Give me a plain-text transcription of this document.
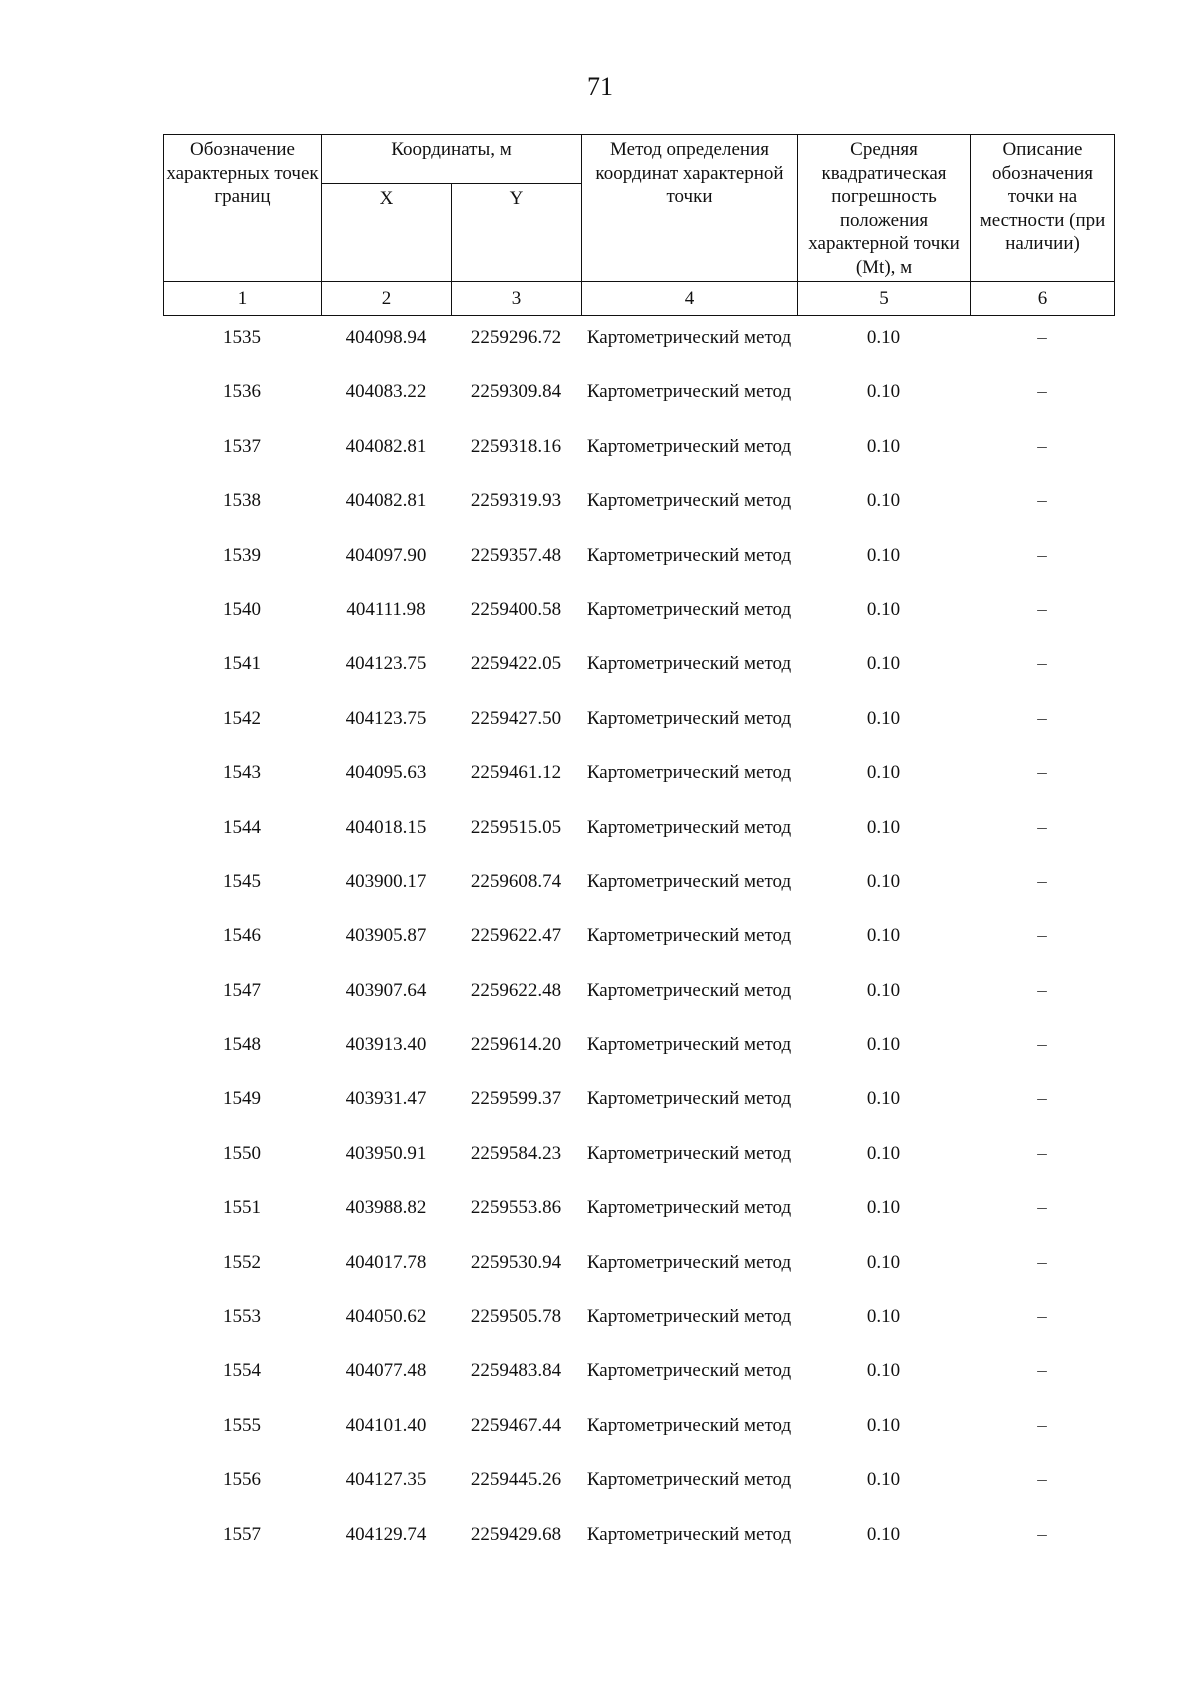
71
Обозначение характерных точек границ	Координаты, м		Метод определения координат характерной точки	Средняя квадратическая погрешность положения характерной точки (Mt), м	Описание обозначения точки на местности (при наличии)
	X	Y			
1	2	3	4	5	6
1535	404098.94	2259296.72	Картометрический метод	0.10	–
1536	404083.22	2259309.84	Картометрический метод	0.10	–
1537	404082.81	2259318.16	Картометрический метод	0.10	–
1538	404082.81	2259319.93	Картометрический метод	0.10	–
1539	404097.90	2259357.48	Картометрический метод	0.10	–
1540	404111.98	2259400.58	Картометрический метод	0.10	–
1541	404123.75	2259422.05	Картометрический метод	0.10	–
1542	404123.75	2259427.50	Картометрический метод	0.10	–
1543	404095.63	2259461.12	Картометрический метод	0.10	–
1544	404018.15	2259515.05	Картометрический метод	0.10	–
1545	403900.17	2259608.74	Картометрический метод	0.10	–
1546	403905.87	2259622.47	Картометрический метод	0.10	–
1547	403907.64	2259622.48	Картометрический метод	0.10	–
1548	403913.40	2259614.20	Картометрический метод	0.10	–
1549	403931.47	2259599.37	Картометрический метод	0.10	–
1550	403950.91	2259584.23	Картометрический метод	0.10	–
1551	403988.82	2259553.86	Картометрический метод	0.10	–
1552	404017.78	2259530.94	Картометрический метод	0.10	–
1553	404050.62	2259505.78	Картометрический метод	0.10	–
1554	404077.48	2259483.84	Картометрический метод	0.10	–
1555	404101.40	2259467.44	Картометрический метод	0.10	–
1556	404127.35	2259445.26	Картометрический метод	0.10	–
1557	404129.74	2259429.68	Картометрический метод	0.10	–
